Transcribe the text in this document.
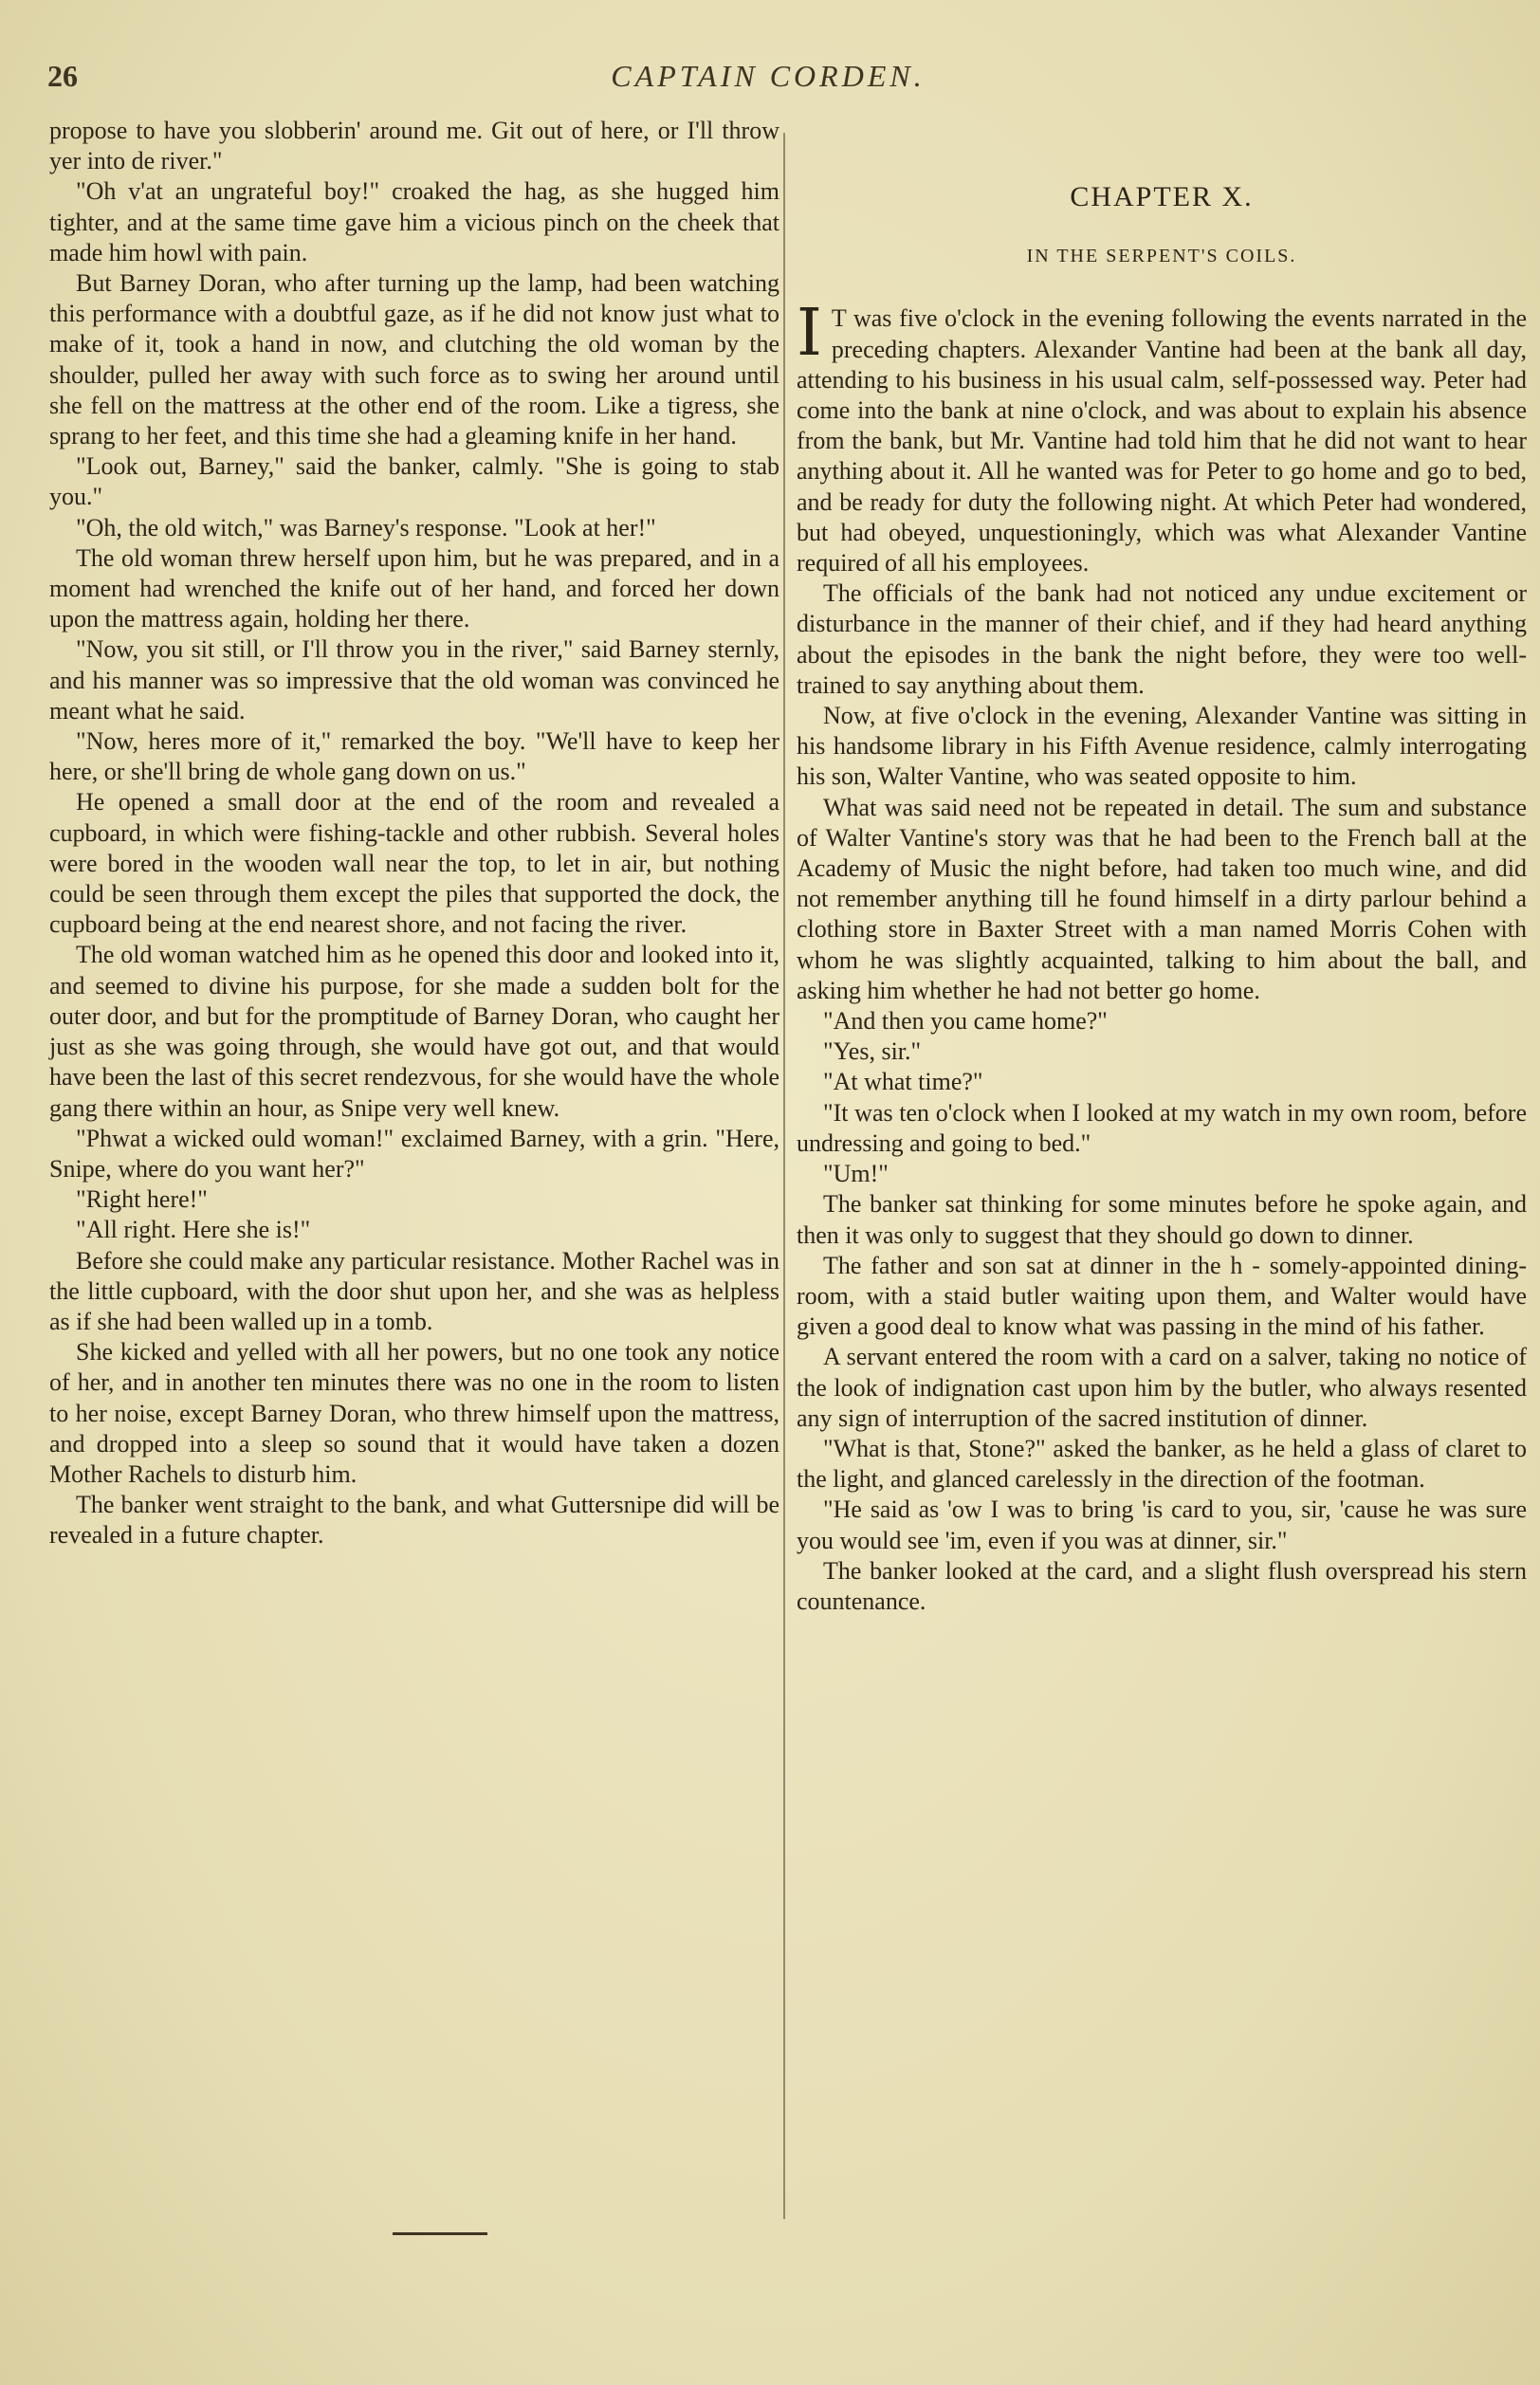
26	CAPTAIN CORDEN.

propose to have you slobberin' around me. Git out of here, or I'll throw yer into de river."

"Oh v'at an ungrateful boy!" croaked the hag, as she hugged him tighter, and at the same time gave him a vicious pinch on the cheek that made him howl with pain.

But Barney Doran, who after turning up the lamp, had been watching this performance with a doubtful gaze, as if he did not know just what to make of it, took a hand in now, and clutching the old woman by the shoulder, pulled her away with such force as to swing her around until she fell on the mattress at the other end of the room. Like a tigress, she sprang to her feet, and this time she had a gleaming knife in her hand.

"Look out, Barney," said the banker, calmly. "She is going to stab you."

"Oh, the old witch," was Barney's response. "Look at her!"

The old woman threw herself upon him, but he was prepared, and in a moment had wrenched the knife out of her hand, and forced her down upon the mattress again, holding her there.

"Now, you sit still, or I'll throw you in the river," said Barney sternly, and his manner was so impressive that the old woman was convinced he meant what he said.

"Now, heres more of it," remarked the boy. "We'll have to keep her here, or she'll bring de whole gang down on us."

He opened a small door at the end of the room and revealed a cupboard, in which were fishing-tackle and other rubbish. Several holes were bored in the wooden wall near the top, to let in air, but nothing could be seen through them except the piles that supported the dock, the cupboard being at the end nearest shore, and not facing the river.

The old woman watched him as he opened this door and looked into it, and seemed to divine his purpose, for she made a sudden bolt for the outer door, and but for the promptitude of Barney Doran, who caught her just as she was going through, she would have got out, and that would have been the last of this secret rendezvous, for she would have the whole gang there within an hour, as Snipe very well knew.

"Phwat a wicked ould woman!" exclaimed Barney, with a grin. "Here, Snipe, where do you want her?"

"Right here!"

"All right. Here she is!"

Before she could make any particular resistance. Mother Rachel was in the little cupboard, with the door shut upon her, and she was as helpless as if she had been walled up in a tomb.

She kicked and yelled with all her powers, but no one took any notice of her, and in another ten minutes there was no one in the room to listen to her noise, except Barney Doran, who threw himself upon the mattress, and dropped into a sleep so sound that it would have taken a dozen Mother Rachels to disturb him.

The banker went straight to the bank, and what Guttersnipe did will be revealed in a future chapter.

CHAPTER X.
IN THE SERPENT'S COILS.

I T was five o'clock in the evening following the events narrated in the preceding chapters. Alexander Vantine had been at the bank all day, attending to his business in his usual calm, self-possessed way. Peter had come into the bank at nine o'clock, and was about to explain his absence from the bank, but Mr. Vantine had told him that he did not want to hear anything about it. All he wanted was for Peter to go home and go to bed, and be ready for duty the following night. At which Peter had wondered, but had obeyed, unquestioningly, which was what Alexander Vantine required of all his employees.

The officials of the bank had not noticed any undue excitement or disturbance in the manner of their chief, and if they had heard anything about the episodes in the bank the night before, they were too well-trained to say anything about them.

Now, at five o'clock in the evening, Alexander Vantine was sitting in his handsome library in his Fifth Avenue residence, calmly interrogating his son, Walter Vantine, who was seated opposite to him.

What was said need not be repeated in detail. The sum and substance of Walter Vantine's story was that he had been to the French ball at the Academy of Music the night before, had taken too much wine, and did not remember anything till he found himself in a dirty parlour behind a clothing store in Baxter Street with a man named Morris Cohen with whom he was slightly acquainted, talking to him about the ball, and asking him whether he had not better go home.

"And then you came home?"

"Yes, sir."

"At what time?"

"It was ten o'clock when I looked at my watch in my own room, before undressing and going to bed."

"Um!"

The banker sat thinking for some minutes before he spoke again, and then it was only to suggest that they should go down to dinner.

The father and son sat at dinner in the h - somely-appointed dining-room, with a staid butler waiting upon them, and Walter would have given a good deal to know what was passing in the mind of his father.

A servant entered the room with a card on a salver, taking no notice of the look of indignation cast upon him by the butler, who always resented any sign of interruption of the sacred institution of dinner.

"What is that, Stone?" asked the banker, as he held a glass of claret to the light, and glanced carelessly in the direction of the footman.

"He said as 'ow I was to bring 'is card to you, sir, 'cause he was sure you would see 'im, even if you was at dinner, sir."

The banker looked at the card, and a slight flush overspread his stern countenance.
